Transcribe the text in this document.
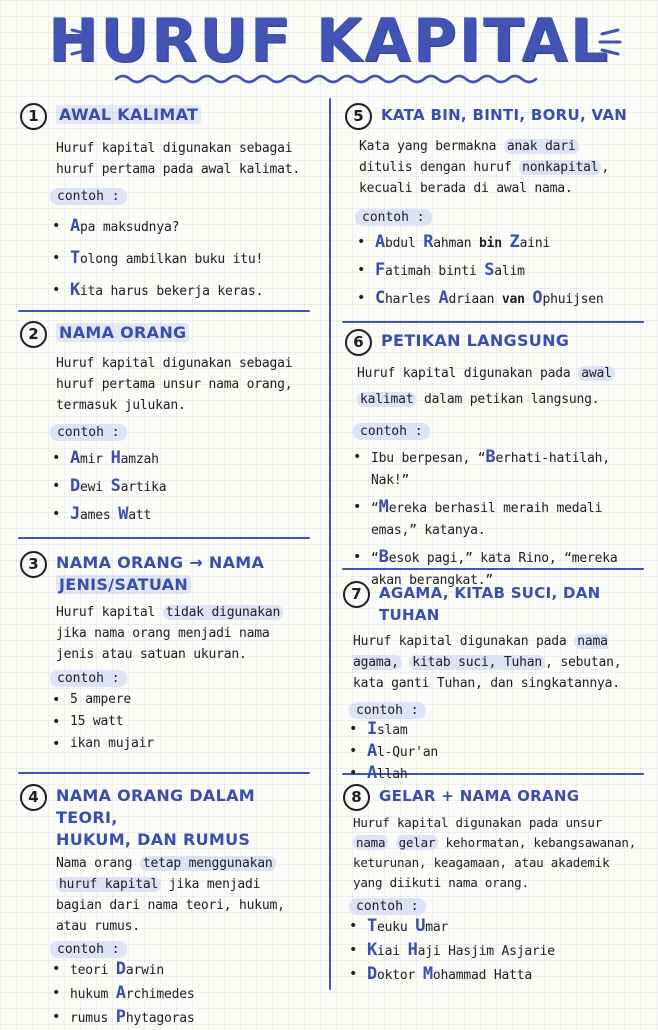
HURUF KAPITAL
1	AWAL KALIMAT
Huruf kapital digunakan sebagai huruf pertama pada awal kalimat.
contoh :
• Apa maksudnya?
• Tolong ambilkan buku itu!
• Kita harus bekerja keras.
2	NAMA ORANG
Huruf kapital digunakan sebagai huruf pertama unsur nama orang, termasuk julukan.
contoh :
• Amir Hamzah
• Dewi Sartika
• James Watt
3	NAMA ORANG → NAMA
JENIS/SATUAN
Huruf kapital tidak digunakan jika nama orang menjadi nama jenis atau satuan ukuran.
contoh :
• 5 ampere
• 15 watt
• ikan mujair
4	NAMA ORANG DALAM TEORI,
HUKUM, DAN RUMUS
Nama orang tetap menggunakan huruf kapital jika menjadi bagian dari nama teori, hukum, atau rumus.
contoh :
• teori Darwin
• hukum Archimedes
• rumus Phytagoras
5	KATA BIN, BINTI, BORU, VAN
Kata yang bermakna anak dari ditulis dengan huruf nonkapital , kecuali berada di awal nama.
contoh :
• Abdul Rahman bin Zaini
• Fatimah binti Salim
• Charles Adriaan van Ophuijsen
6	PETIKAN LANGSUNG
Huruf kapital digunakan pada awal kalimat dalam petikan langsung.
contoh :
• Ibu berpesan, “Berhati-hatilah, Nak!”
• “Mereka berhasil meraih medali emas,” katanya.
• “Besok pagi,” kata Rino, “mereka akan berangkat.”
7	AGAMA, KITAB SUCI, DAN TUHAN
Huruf kapital digunakan pada nama agama, kitab suci, Tuhan , sebutan, kata ganti Tuhan, dan singkatannya.
contoh :
• Islam
• Al-Qur'an
• Allah
8	GELAR + NAMA ORANG
Huruf kapital digunakan pada unsur nama gelar kehormatan, kebangsawanan, keturunan, keagamaan, atau akademik yang diikuti nama orang.
contoh :
• Teuku Umar
• Kiai Haji Hasjim Asjarie
• Doktor Mohammad Hatta
